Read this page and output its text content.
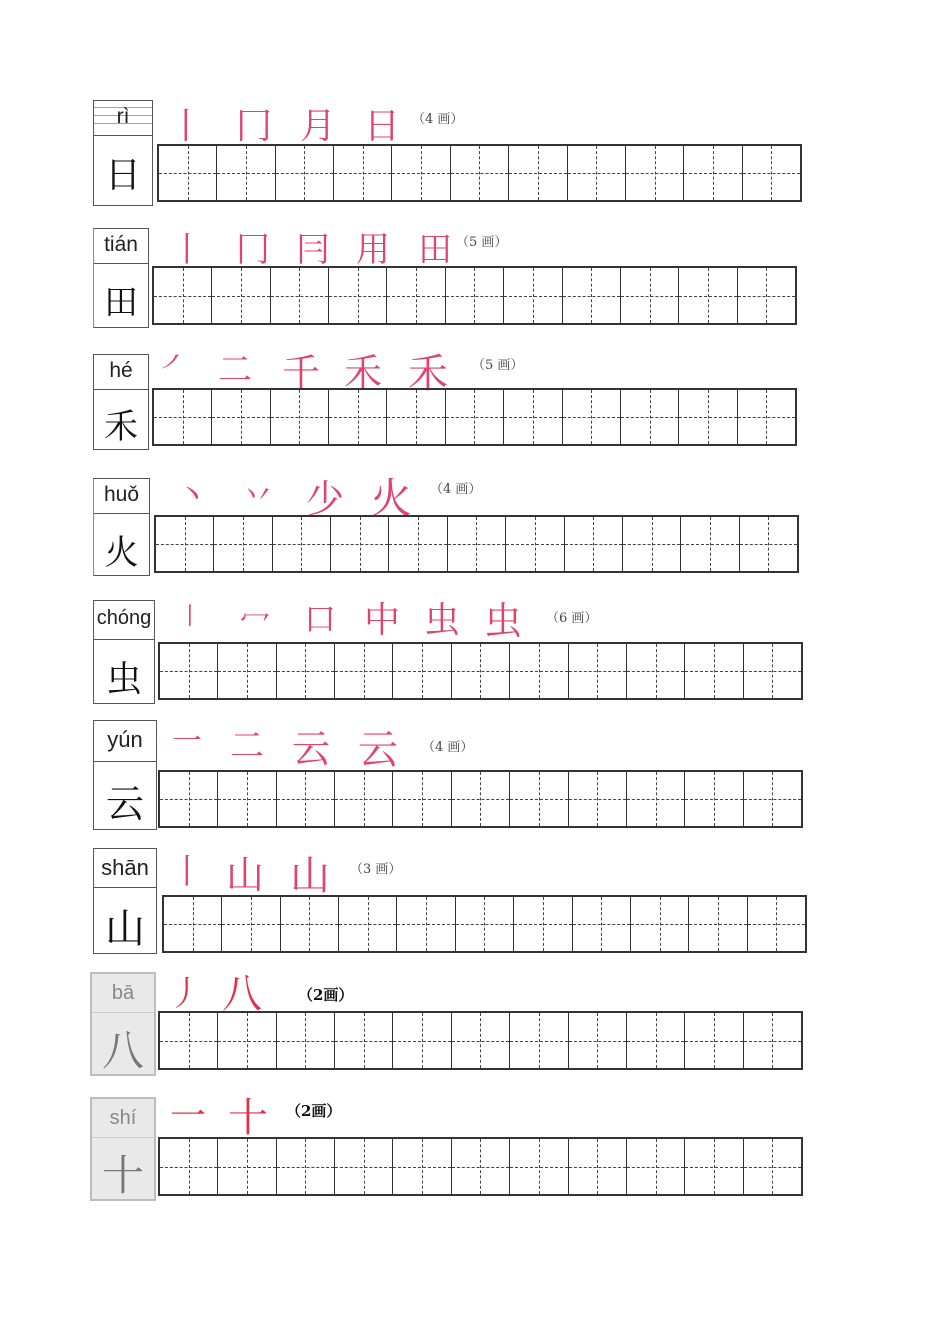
rì
日
丨 冂 月 日 （4 画）
tián
田
丨 冂 冃 用 田 （5 画）
hé
禾
㇒ 二 千 禾 禾 （5 画）
huǒ
火
丶 丷 少 火 （4 画）
chóng
虫
丨 冖 口 中 虫 虫 （6 画）
yún
云
一 二 云 云 （4 画）
shān
山
丨 山 山 （3 画）
bā
八
丿 八 （2画）
shí
十
一 十 （2画）
